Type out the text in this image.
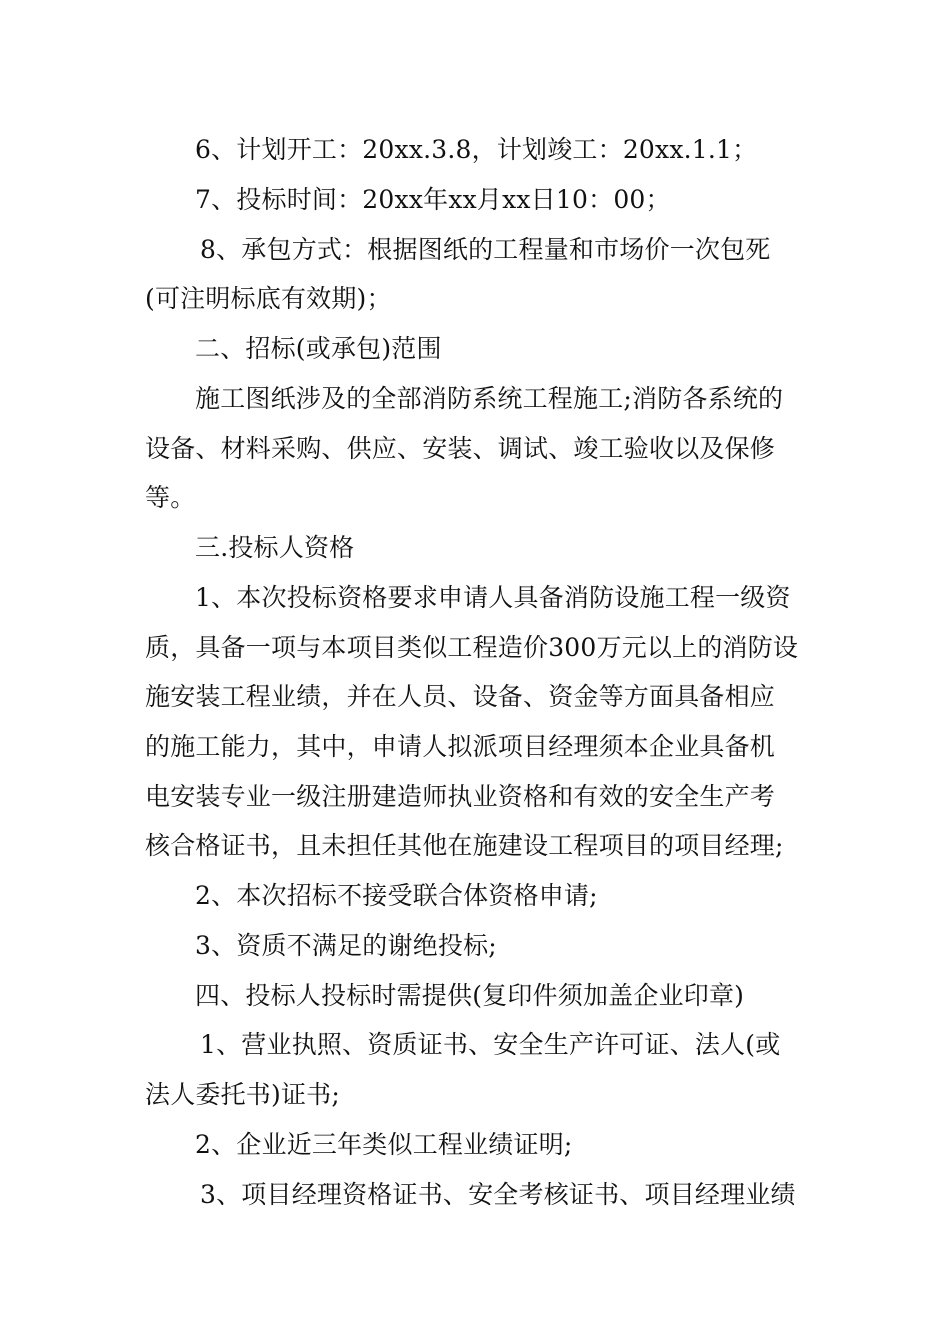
6、计划开工：20xx.3.8，计划竣工：20xx.1.1；
7、投标时间：20xx年xx月xx日10：00；
8、承包方式：根据图纸的工程量和市场价一次包死
(可注明标底有效期)；
二、招标(或承包)范围
施工图纸涉及的全部消防系统工程施工;消防各系统的
设备、材料采购、供应、安装、调试、竣工验收以及保修
等。
三.投标人资格
1、本次投标资格要求申请人具备消防设施工程一级资
质，具备一项与本项目类似工程造价300万元以上的消防设
施安装工程业绩，并在人员、设备、资金等方面具备相应
的施工能力，其中，申请人拟派项目经理须本企业具备机
电安装专业一级注册建造师执业资格和有效的安全生产考
核合格证书，且未担任其他在施建设工程项目的项目经理;
2、本次招标不接受联合体资格申请;
3、资质不满足的谢绝投标;
四、投标人投标时需提供(复印件须加盖企业印章)
1、营业执照、资质证书、安全生产许可证、法人(或
法人委托书)证书;
2、企业近三年类似工程业绩证明;
3、项目经理资格证书、安全考核证书、项目经理业绩
